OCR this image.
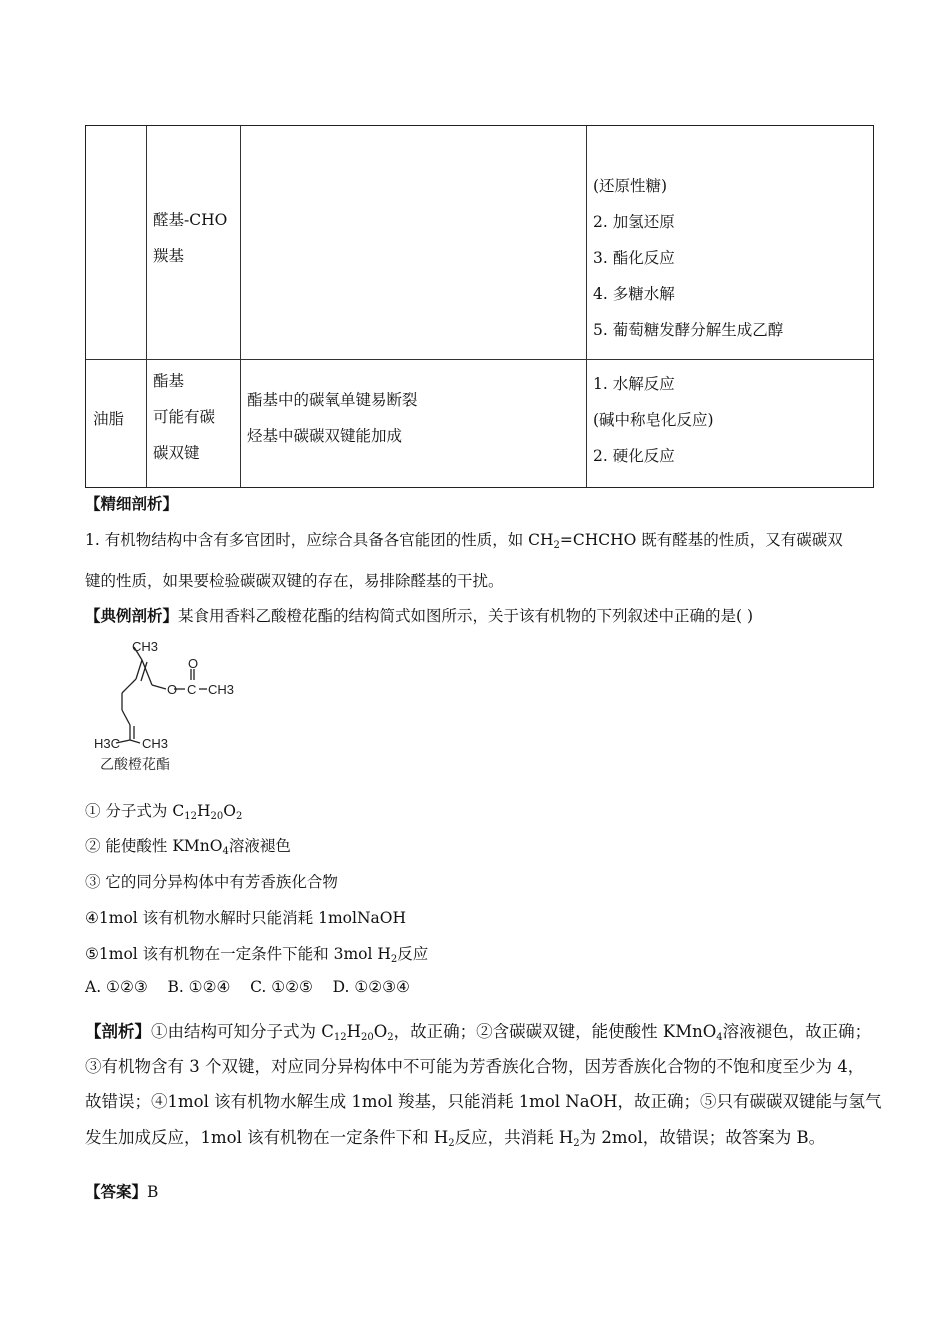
醛基-CHO
羰基
(还原性糖)
2. 加氢还原
3. 酯化反应
4. 多糖水解
5. 葡萄糖发酵分解生成乙醇
油脂
酯基
可能有碳
碳双键
酯基中的碳氧单键易断裂
烃基中碳碳双键能加成
1. 水解反应
(碱中称皂化反应)
2. 硬化反应
【精细剖析】
1. 有机物结构中含有多官团时，应综合具备各官能团的性质，如 $CH_2=CHCHO$ 既有醛基的性质，又有碳碳双
键的性质，如果要检验碳碳双键的存在，易排除醛基的干扰。
【典例剖析】某食用香料乙酸橙花酯的结构简式如图所示，关于该有机物的下列叙述中正确的是( )
CH3
O
O
C CH3
H3C CH3
乙酸橙花酯
① 分子式为 $C_{12}H_{20}O_2$
② 能使酸性 KMnO$_4$溶液褪色
③ 它的同分异构体中有芳香族化合物
④1mol 该有机物水解时只能消耗 1molNaOH
⑤1mol 该有机物在一定条件下能和 3mol $H_2$反应
A. ①②③    B. ①②④    C. ①②⑤    D. ①②③④
【剖析】①由结构可知分子式为 $C_{12}H_{20}O_2$，故正确；②含碳碳双键，能使酸性 KMnO$_4$溶液褪色，故正确；
③有机物含有 3 个双键，对应同分异构体中不可能为芳香族化合物，因芳香族化合物的不饱和度至少为 4，
故错误；④1mol 该有机物水解生成 1mol 羧基，只能消耗 1mol NaOH，故正确；⑤只有碳碳双键能与氢气
发生加成反应，1mol 该有机物在一定条件下和 $H_2$反应，共消耗 $H_2$为 2mol，故错误；故答案为 B。
【答案】B
